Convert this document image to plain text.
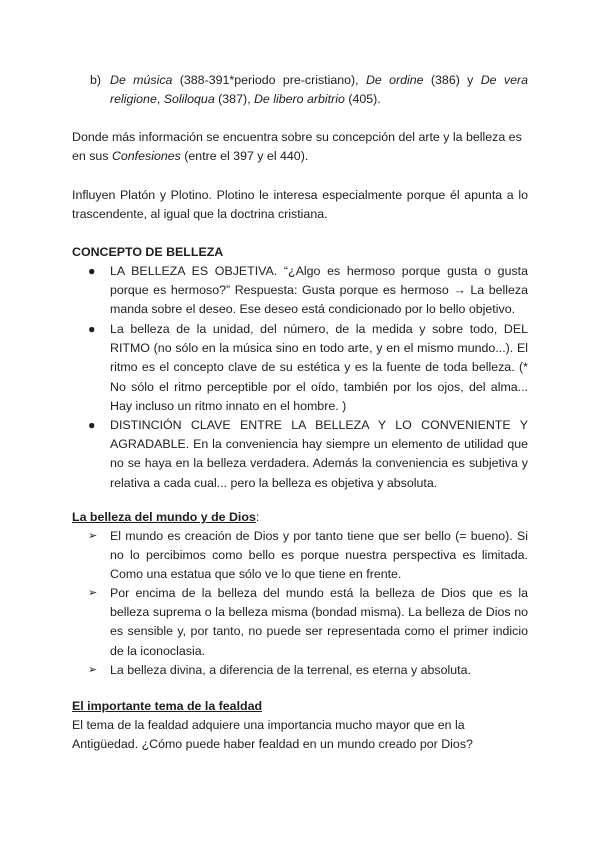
b) De música (388-391*periodo pre-cristiano), De ordine (386) y De vera religione, Soliloqua (387), De libero arbitrio (405).

Donde más información se encuentra sobre su concepción del arte y la belleza es en sus Confesiones (entre el 397 y el 440).

Influyen Platón y Plotino. Plotino le interesa especialmente porque él apunta a lo trascendente, al igual que la doctrina cristiana.

CONCEPTO DE BELLEZA

●	LA BELLEZA ES OBJETIVA. “¿Algo es hermoso porque gusta o gusta porque es hermoso?” Respuesta: Gusta porque es hermoso → La belleza manda sobre el deseo. Ese deseo está condicionado por lo bello objetivo.

●	La belleza de la unidad, del número, de la medida y sobre todo, DEL RITMO (no sólo en la música sino en todo arte, y en el mismo mundo...). El ritmo es el concepto clave de su estética y es la fuente de toda belleza. (* No sólo el ritmo perceptible por el oído, también por los ojos, del alma... Hay incluso un ritmo innato en el hombre. )

●	DISTINCIÓN CLAVE ENTRE LA BELLEZA Y LO CONVENIENTE Y AGRADABLE. En la conveniencia hay siempre un elemento de utilidad que no se haya en la belleza verdadera. Además la conveniencia es subjetiva y relativa a cada cual... pero la belleza es objetiva y absoluta.

La belleza del mundo y de Dios:

➢	El mundo es creación de Dios y por tanto tiene que ser bello (= bueno). Si no lo percibimos como bello es porque nuestra perspectiva es limitada. Como una estatua que sólo ve lo que tiene en frente.

➢	Por encima de la belleza del mundo está la belleza de Dios que es la belleza suprema o la belleza misma (bondad misma). La belleza de Dios no es sensible y, por tanto, no puede ser representada como el primer indicio de la iconoclasia.

➢	La belleza divina, a diferencia de la terrenal, es eterna y absoluta.

El importante tema de la fealdad

El tema de la fealdad adquiere una importancia mucho mayor que en la Antigüedad. ¿Cómo puede haber fealdad en un mundo creado por Dios?
